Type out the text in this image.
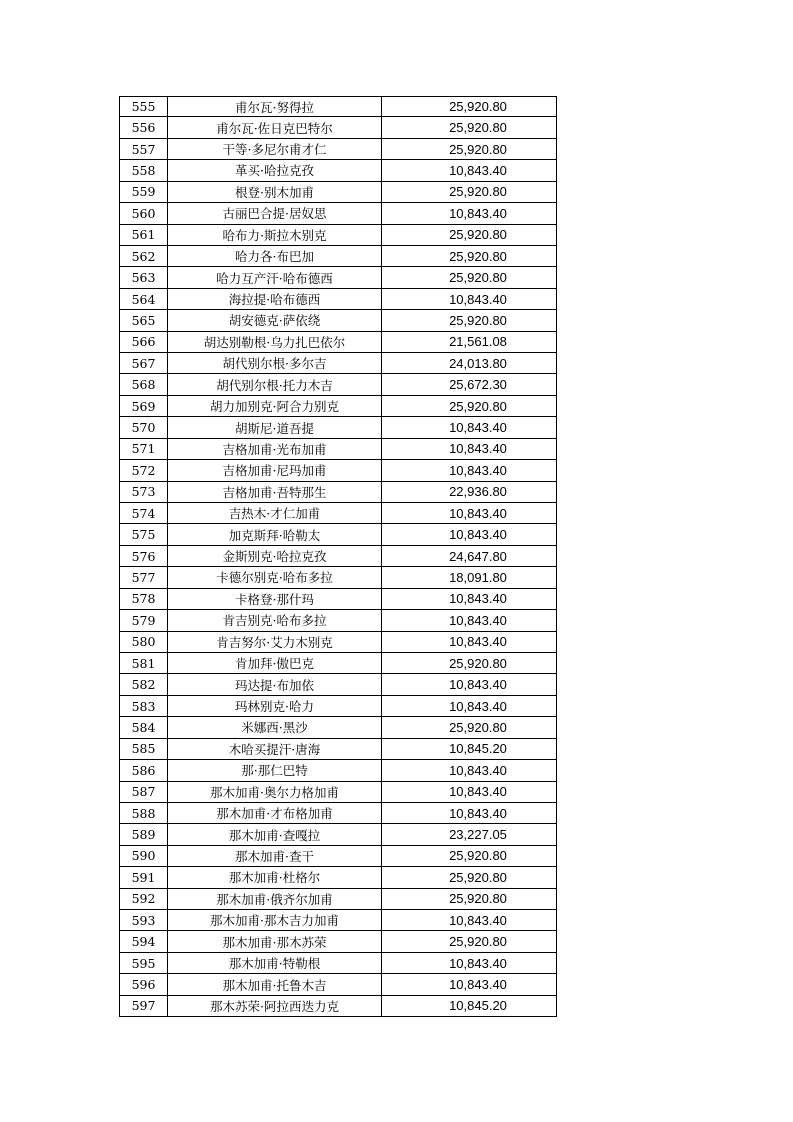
555	甫尔瓦·努得拉	25,920.80
556	甫尔瓦·佐日克巴特尔	25,920.80
557	干等·多尼尔甫才仁	25,920.80
558	革买·哈拉克孜	10,843.40
559	根登·别木加甫	25,920.80
560	古丽巴合提·居奴思	10,843.40
561	哈布力·斯拉木别克	25,920.80
562	哈力各·布巴加	25,920.80
563	哈力互产汗·哈布德西	25,920.80
564	海拉提·哈布德西	10,843.40
565	胡安德克·萨依绕	25,920.80
566	胡达别勒根·乌力扎巴依尔	21,561.08
567	胡代别尔根·多尔吉	24,013.80
568	胡代别尔根·托力木吉	25,672.30
569	胡力加别克·阿合力别克	25,920.80
570	胡斯尼·道吾提	10,843.40
571	吉格加甫·光布加甫	10,843.40
572	吉格加甫·尼玛加甫	10,843.40
573	吉格加甫·吾特那生	22,936.80
574	吉热木·才仁加甫	10,843.40
575	加克斯拜·哈勒太	10,843.40
576	金斯别克·哈拉克孜	24,647.80
577	卡德尔别克·哈布多拉	18,091.80
578	卡格登·那什玛	10,843.40
579	肯吉别克·哈布多拉	10,843.40
580	肯吉努尔·艾力木别克	10,843.40
581	肯加拜·傲巴克	25,920.80
582	玛达提·布加依	10,843.40
583	玛林别克·哈力	10,843.40
584	米娜西·黑沙	25,920.80
585	木哈买提汗·唐海	10,845.20
586	那·那仁巴特	10,843.40
587	那木加甫·奥尔力格加甫	10,843.40
588	那木加甫·才布格加甫	10,843.40
589	那木加甫·查嘎拉	23,227.05
590	那木加甫·查干	25,920.80
591	那木加甫·杜格尔	25,920.80
592	那木加甫·俄齐尔加甫	25,920.80
593	那木加甫·那木吉力加甫	10,843.40
594	那木加甫·那木苏荣	25,920.80
595	那木加甫·特勒根	10,843.40
596	那木加甫·托鲁木吉	10,843.40
597	那木苏荣·阿拉西迭力克	10,845.20
